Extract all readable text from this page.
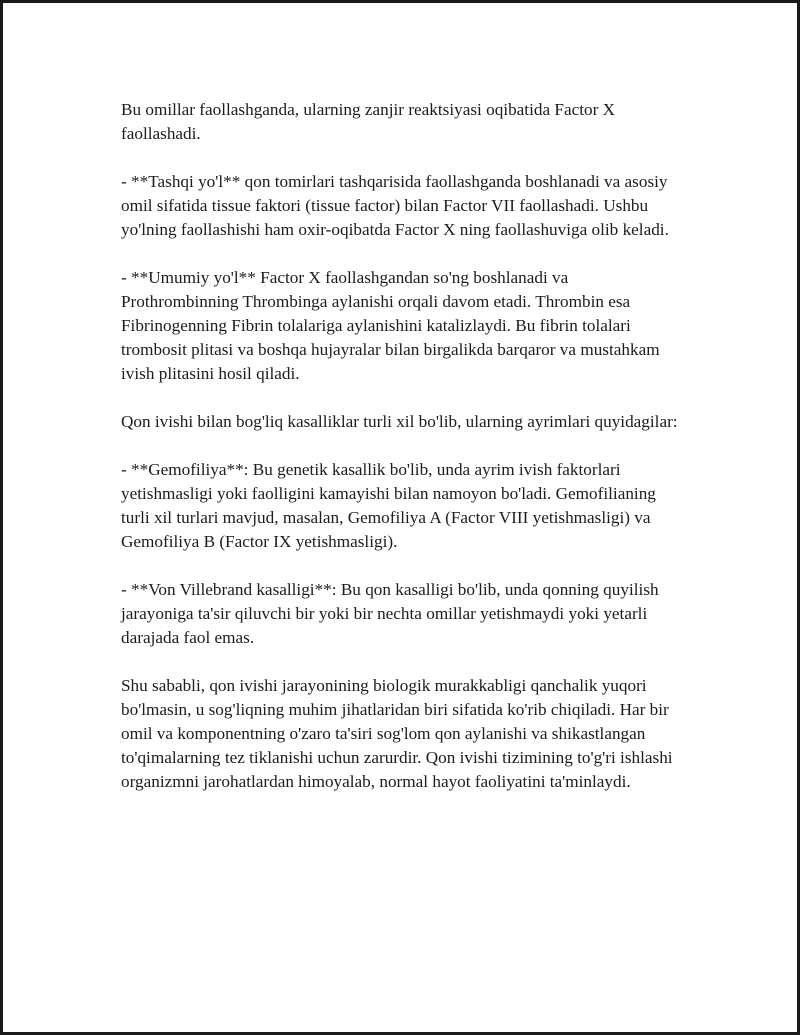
Bu omillar faollashganda, ularning zanjir reaktsiyasi oqibatida Factor X faollashadi.

- **Tashqi yo'l** qon tomirlari tashqarisida faollashganda boshlanadi va asosiy omil sifatida tissue faktori (tissue factor) bilan Factor VII faollashadi. Ushbu yo'lning faollashishi ham oxir-oqibatda Factor X ning faollashuviga olib keladi.

- **Umumiy yo'l** Factor X faollashgandan so'ng boshlanadi va Prothrombinning Thrombinga aylanishi orqali davom etadi. Thrombin esa Fibrinogenning Fibrin tolalariga aylanishini katalizlaydi. Bu fibrin tolalari trombosit plitasi va boshqa hujayralar bilan birgalikda barqaror va mustahkam ivish plitasini hosil qiladi.

Qon ivishi bilan bog'liq kasalliklar turli xil bo'lib, ularning ayrimlari quyidagilar:

- **Gemofiliya**: Bu genetik kasallik bo'lib, unda ayrim ivish faktorlari yetishmasligi yoki faolligini kamayishi bilan namoyon bo'ladi. Gemofilianing turli xil turlari mavjud, masalan, Gemofiliya A (Factor VIII yetishmasligi) va Gemofiliya B (Factor IX yetishmasligi).

- **Von Villebrand kasalligi**: Bu qon kasalligi bo'lib, unda qonning quyilish jarayoniga ta'sir qiluvchi bir yoki bir nechta omillar yetishmaydi yoki yetarli darajada faol emas.

Shu sababli, qon ivishi jarayonining biologik murakkabligi qanchalik yuqori bo'lmasin, u sog'liqning muhim jihatlaridan biri sifatida ko'rib chiqiladi. Har bir omil va komponentning o'zaro ta'siri sog'lom qon aylanishi va shikastlangan to'qimalarning tez tiklanishi uchun zarurdir. Qon ivishi tizimining to'g'ri ishlashi organizmni jarohatlardan himoyalab, normal hayot faoliyatini ta'minlaydi.
